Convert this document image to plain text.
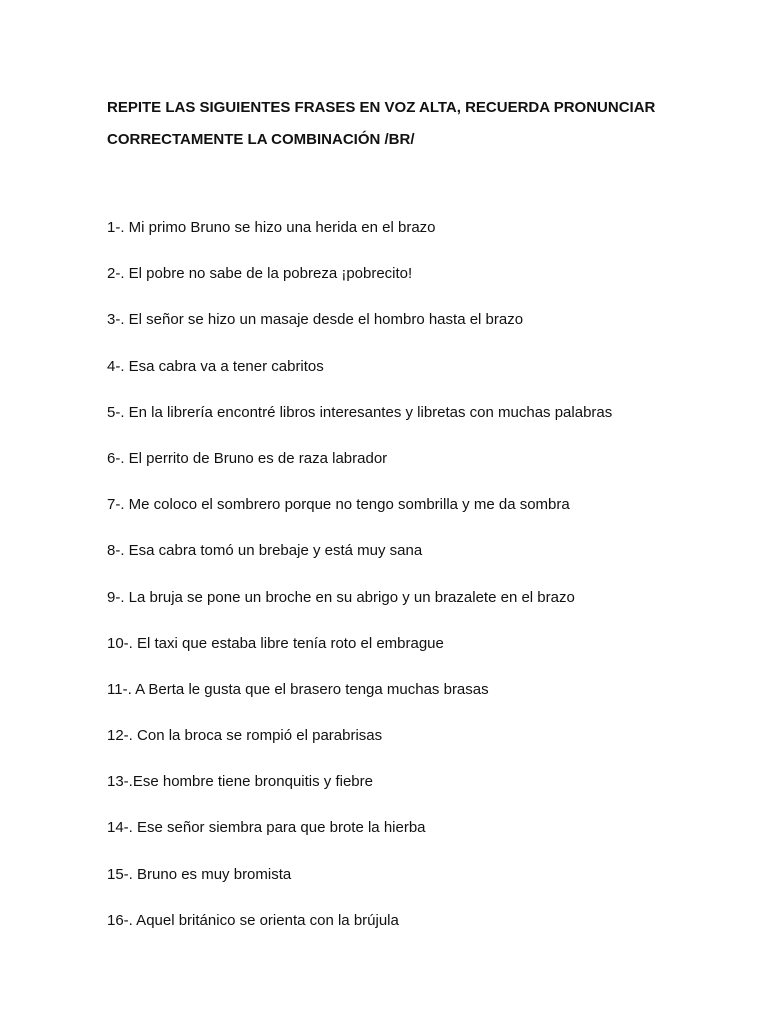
REPITE LAS SIGUIENTES FRASES EN VOZ ALTA, RECUERDA PRONUNCIAR
CORRECTAMENTE LA COMBINACIÓN /BR/
1-. Mi primo Bruno se hizo una herida en el brazo
2-. El pobre no sabe de la pobreza ¡pobrecito!
3-. El señor se hizo un masaje desde el hombro hasta el brazo
4-. Esa cabra va a tener cabritos
5-. En la librería encontré libros interesantes y libretas con muchas palabras
6-. El perrito de Bruno es de raza labrador
7-. Me coloco el sombrero porque no tengo sombrilla y me da sombra
8-. Esa cabra tomó un brebaje y está muy sana
9-. La bruja se pone un broche en su abrigo y un brazalete en el brazo
10-. El taxi que estaba libre tenía roto el embrague
11-. A Berta le gusta que el brasero tenga muchas brasas
12-. Con la broca se rompió el parabrisas
13-.Ese hombre tiene bronquitis y fiebre
14-. Ese señor siembra para que brote la hierba
15-. Bruno es muy bromista
16-. Aquel británico se orienta con la brújula
